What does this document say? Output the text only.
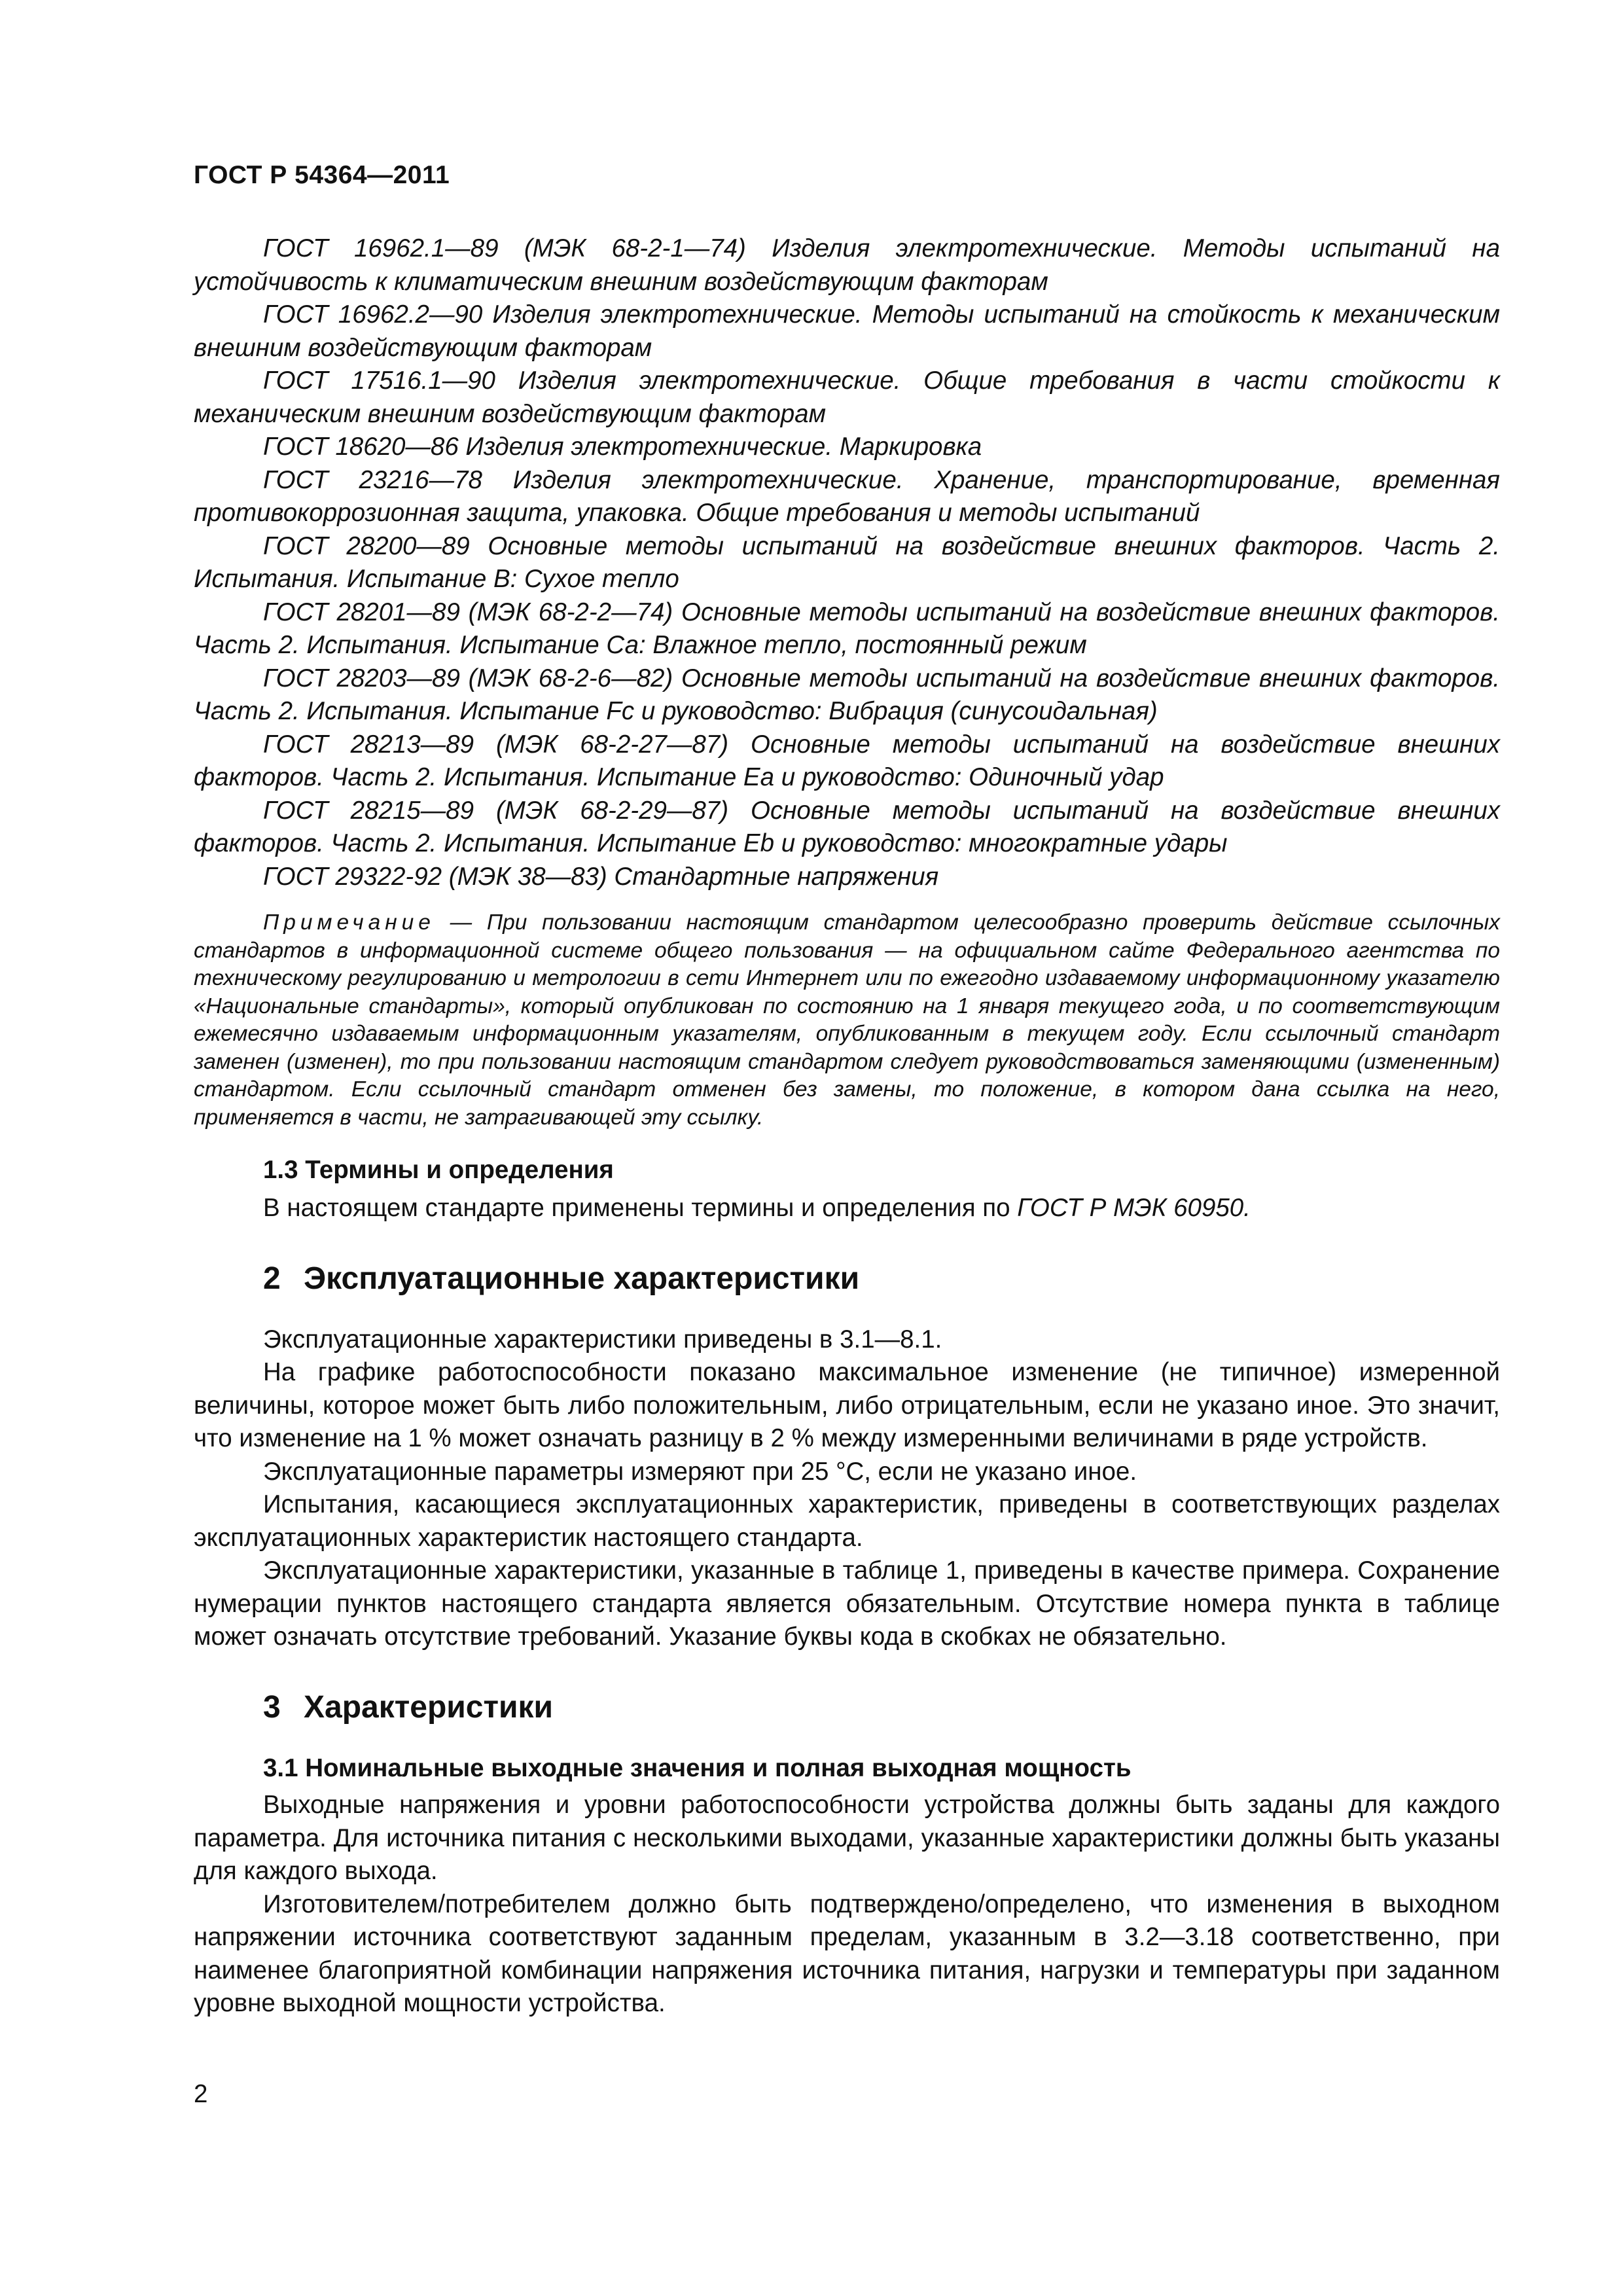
ГОСТ Р 54364—2011

ГОСТ 16962.1—89 (МЭК 68-2-1—74) Изделия электротехнические. Методы испытаний на устойчивость к климатическим внешним воздействующим факторам

ГОСТ 16962.2—90 Изделия электротехнические. Методы испытаний на стойкость к механическим внешним воздействующим факторам

ГОСТ 17516.1—90 Изделия электротехнические. Общие требования в части стойкости к механическим внешним воздействующим факторам

ГОСТ 18620—86 Изделия электротехнические. Маркировка

ГОСТ 23216—78 Изделия электротехнические. Хранение, транспортирование, временная противокоррозионная защита, упаковка. Общие требования и методы испытаний

ГОСТ 28200—89 Основные методы испытаний на воздействие внешних факторов. Часть 2. Испытания. Испытание В: Сухое тепло

ГОСТ 28201—89 (МЭК 68-2-2—74) Основные методы испытаний на воздействие внешних факторов. Часть 2. Испытания. Испытание Са: Влажное тепло, постоянный режим

ГОСТ 28203—89 (МЭК 68-2-6—82) Основные методы испытаний на воздействие внешних факторов. Часть 2. Испытания. Испытание Fc и руководство: Вибрация (синусоидальная)

ГОСТ 28213—89 (МЭК 68-2-27—87) Основные методы испытаний на воздействие внешних факторов. Часть 2. Испытания. Испытание Еа и руководство: Одиночный удар

ГОСТ 28215—89 (МЭК 68-2-29—87) Основные методы испытаний на воздействие внешних факторов. Часть 2. Испытания. Испытание Eb и руководство: многократные удары

ГОСТ 29322-92 (МЭК 38—83) Стандартные напряжения

Примечание — При пользовании настоящим стандартом целесообразно проверить действие ссылочных стандартов в информационной системе общего пользования — на официальном сайте Федерального агентства по техническому регулированию и метрологии в сети Интернет или по ежегодно издаваемому информационному указателю «Национальные стандарты», который опубликован по состоянию на 1 января текущего года, и по соответствующим ежемесячно издаваемым информационным указателям, опубликованным в текущем году. Если ссылочный стандарт заменен (изменен), то при пользовании настоящим стандартом следует руководствоваться заменяющими (измененным) стандартом. Если ссылочный стандарт отменен без замены, то положение, в котором дана ссылка на него, применяется в части, не затрагивающей эту ссылку.

1.3 Термины и определения

В настоящем стандарте применены термины и определения по ГОСТ Р МЭК 60950.

2 Эксплуатационные характеристики

Эксплуатационные характеристики приведены в 3.1—8.1.

На графике работоспособности показано максимальное изменение (не типичное) измеренной величины, которое может быть либо положительным, либо отрицательным, если не указано иное. Это значит, что изменение на 1 % может означать разницу в 2 % между измеренными величинами в ряде устройств.

Эксплуатационные параметры измеряют при 25 °С, если не указано иное.

Испытания, касающиеся эксплуатационных характеристик, приведены в соответствующих разделах эксплуатационных характеристик настоящего стандарта.

Эксплуатационные характеристики, указанные в таблице 1, приведены в качестве примера. Сохранение нумерации пунктов настоящего стандарта является обязательным. Отсутствие номера пункта в таблице может означать отсутствие требований. Указание буквы кода в скобках не обязательно.

3 Характеристики
3.1 Номинальные выходные значения и полная выходная мощность

Выходные напряжения и уровни работоспособности устройства должны быть заданы для каждого параметра. Для источника питания с несколькими выходами, указанные характеристики должны быть указаны для каждого выхода.

Изготовителем/потребителем должно быть подтверждено/определено, что изменения в выходном напряжении источника соответствуют заданным пределам, указанным в 3.2—3.18 соответственно, при наименее благоприятной комбинации напряжения источника питания, нагрузки и температуры при заданном уровне выходной мощности устройства.

2
